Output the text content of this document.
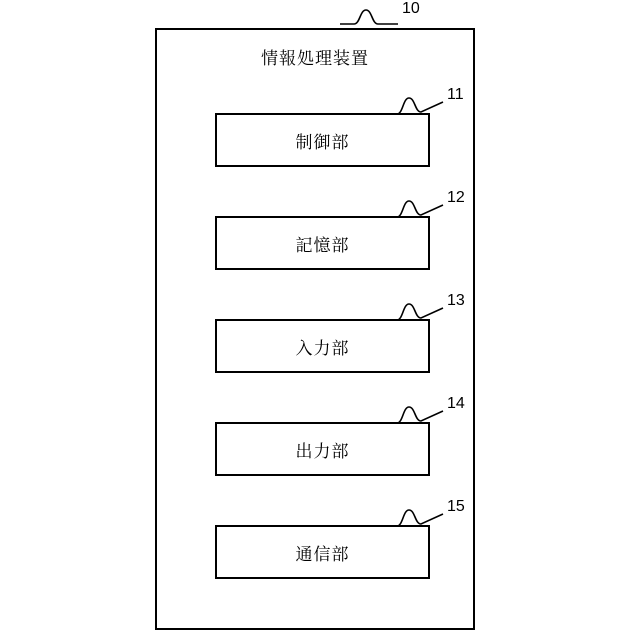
情報処理装置
10
制御部
11
記憶部
12
入力部
13
出力部
14
通信部
15
